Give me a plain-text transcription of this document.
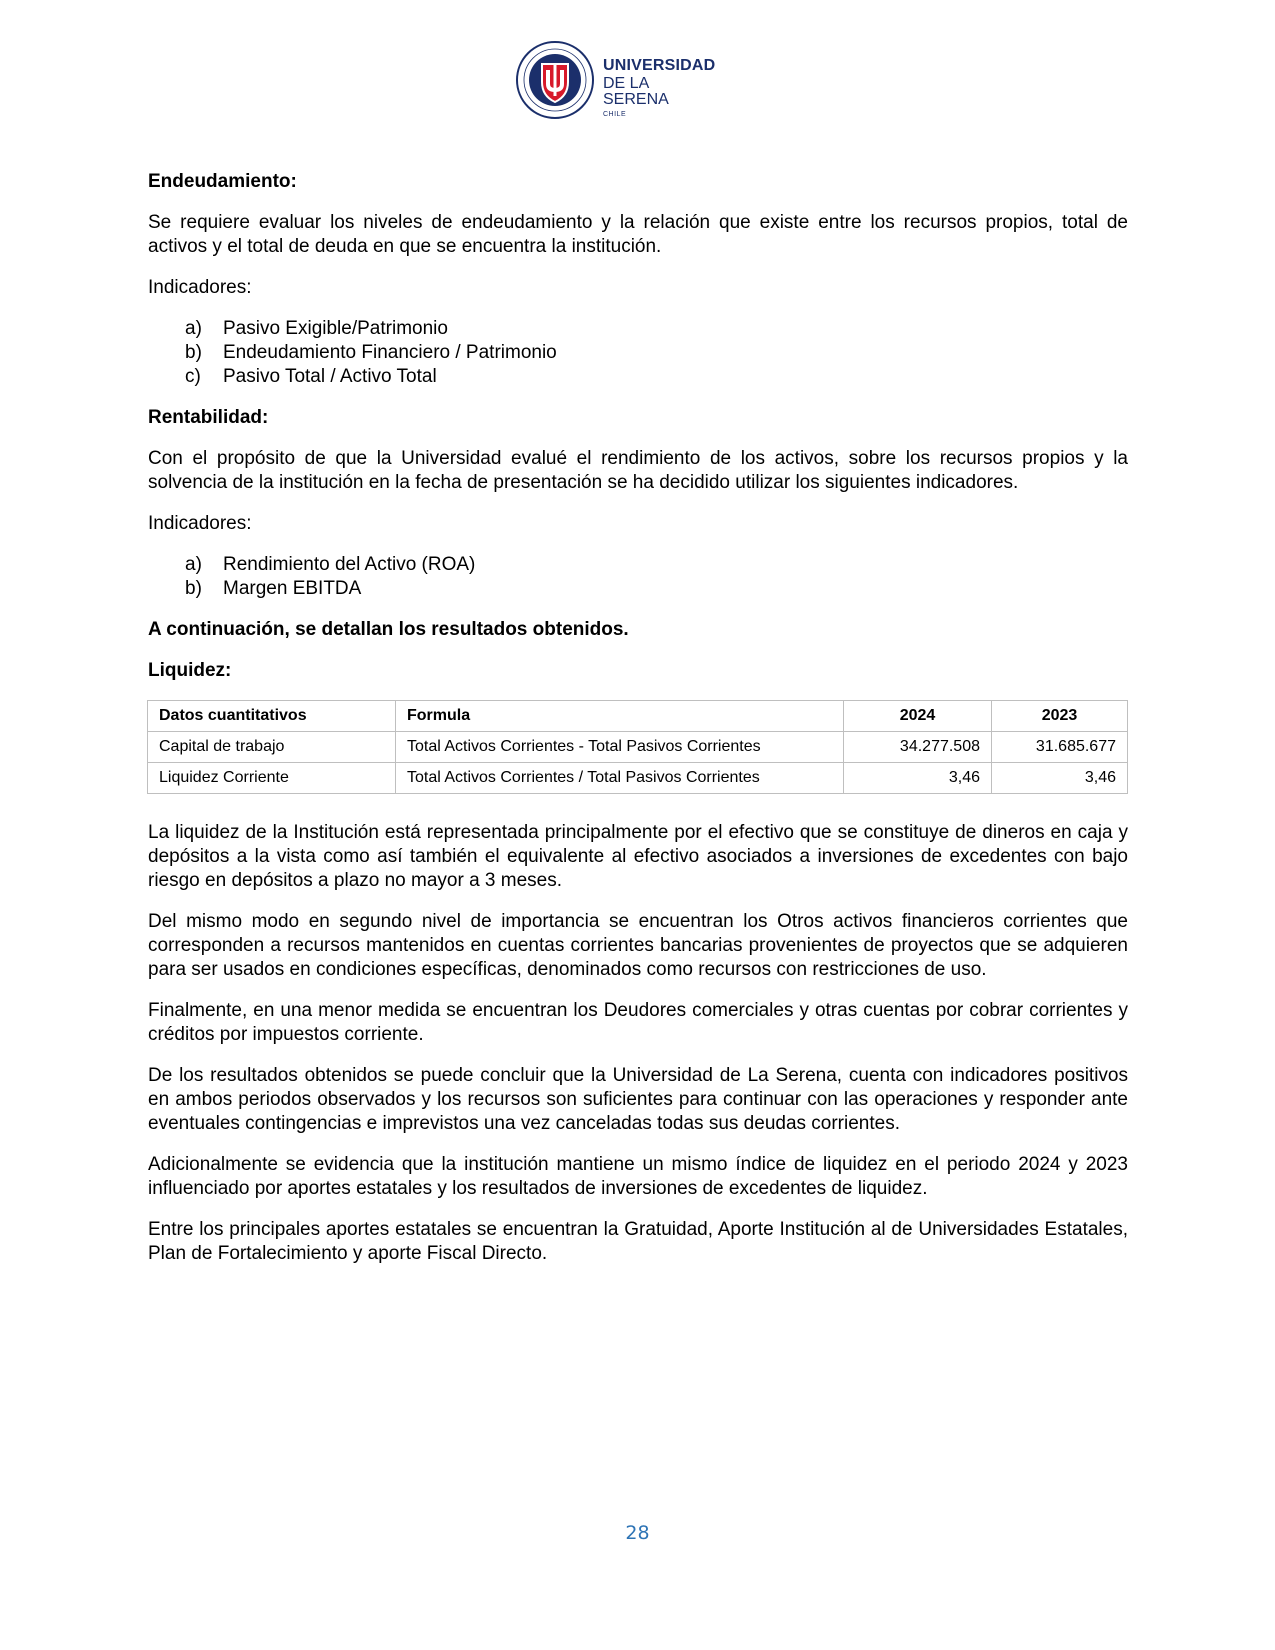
UNIVERSIDAD
DE LA SERENA
CHILE
Endeudamiento:

Se requiere evaluar los niveles de endeudamiento y la relación que existe entre los recursos propios, total de activos y el total de deuda en que se encuentra la institución.

Indicadores:

a)	Pasivo Exigible/Patrimonio
b)	Endeudamiento Financiero / Patrimonio
c)	Pasivo Total / Activo Total
Rentabilidad:

Con el propósito de que la Universidad evalué el rendimiento de los activos, sobre los recursos propios y la solvencia de la institución en la fecha de presentación se ha decidido utilizar los siguientes indicadores.

Indicadores:

a)	Rendimiento del Activo (ROA)
b)	Margen EBITDA
A continuación, se detallan los resultados obtenidos.
Liquidez:
Datos cuantitativos	Formula	2024	2023
Capital de trabajo	Total Activos Corrientes - Total Pasivos Corrientes	34.277.508	31.685.677
Liquidez Corriente	Total Activos Corrientes / Total Pasivos Corrientes	3,46	3,46

La liquidez de la Institución está representada principalmente por el efectivo que se constituye de dineros en caja y depósitos a la vista como así también el equivalente al efectivo asociados a inversiones de excedentes con bajo riesgo en depósitos a plazo no mayor a 3 meses.

Del mismo modo en segundo nivel de importancia se encuentran los Otros activos financieros corrientes que corresponden a recursos mantenidos en cuentas corrientes bancarias provenientes de proyectos que se adquieren para ser usados en condiciones específicas, denominados como recursos con restricciones de uso.

Finalmente, en una menor medida se encuentran los Deudores comerciales y otras cuentas por cobrar corrientes y créditos por impuestos corriente.

De los resultados obtenidos se puede concluir que la Universidad de La Serena, cuenta con indicadores positivos en ambos periodos observados y los recursos son suficientes para continuar con las operaciones y responder ante eventuales contingencias e imprevistos una vez canceladas todas sus deudas corrientes.

Adicionalmente se evidencia que la institución mantiene un mismo índice de liquidez en el periodo 2024 y 2023 influenciado por aportes estatales y los resultados de inversiones de excedentes de liquidez.

Entre los principales aportes estatales se encuentran la Gratuidad, Aporte Institución al de Universidades Estatales, Plan de Fortalecimiento y aporte Fiscal Directo.

28
